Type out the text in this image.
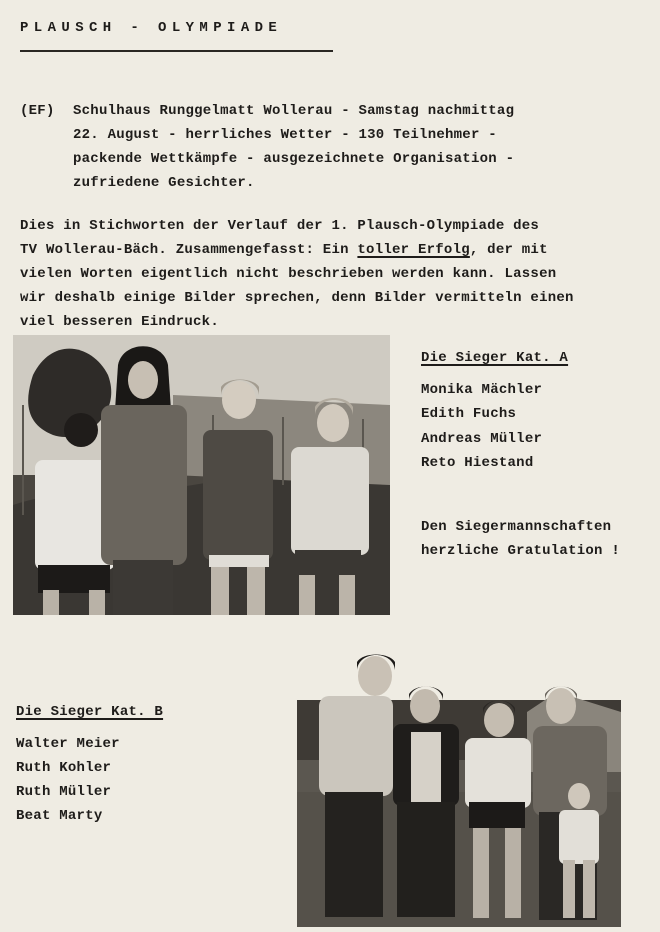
PLAUSCH - OLYMPIADE
(EF) Schulhaus Runggelmatt Wollerau - Samstag nachmittag
22. August - herrliches Wetter - 130 Teilnehmer -
packende Wettkämpfe - ausgezeichnete Organisation -
zufriedene Gesichter.
Dies in Stichworten der Verlauf der 1. Plausch-Olympiade des
TV Wollerau-Bäch. Zusammengefasst: Ein toller Erfolg, der mit
vielen Worten eigentlich nicht beschrieben werden kann. Lassen
wir deshalb einige Bilder sprechen, denn Bilder vermitteln einen
viel besseren Eindruck.
Die Sieger Kat. A
Monika Mächler
Edith Fuchs
Andreas Müller
Reto Hiestand
Den Siegermannschaften
herzliche Gratulation !
Die Sieger Kat. B
Walter Meier
Ruth Kohler
Ruth Müller
Beat Marty
